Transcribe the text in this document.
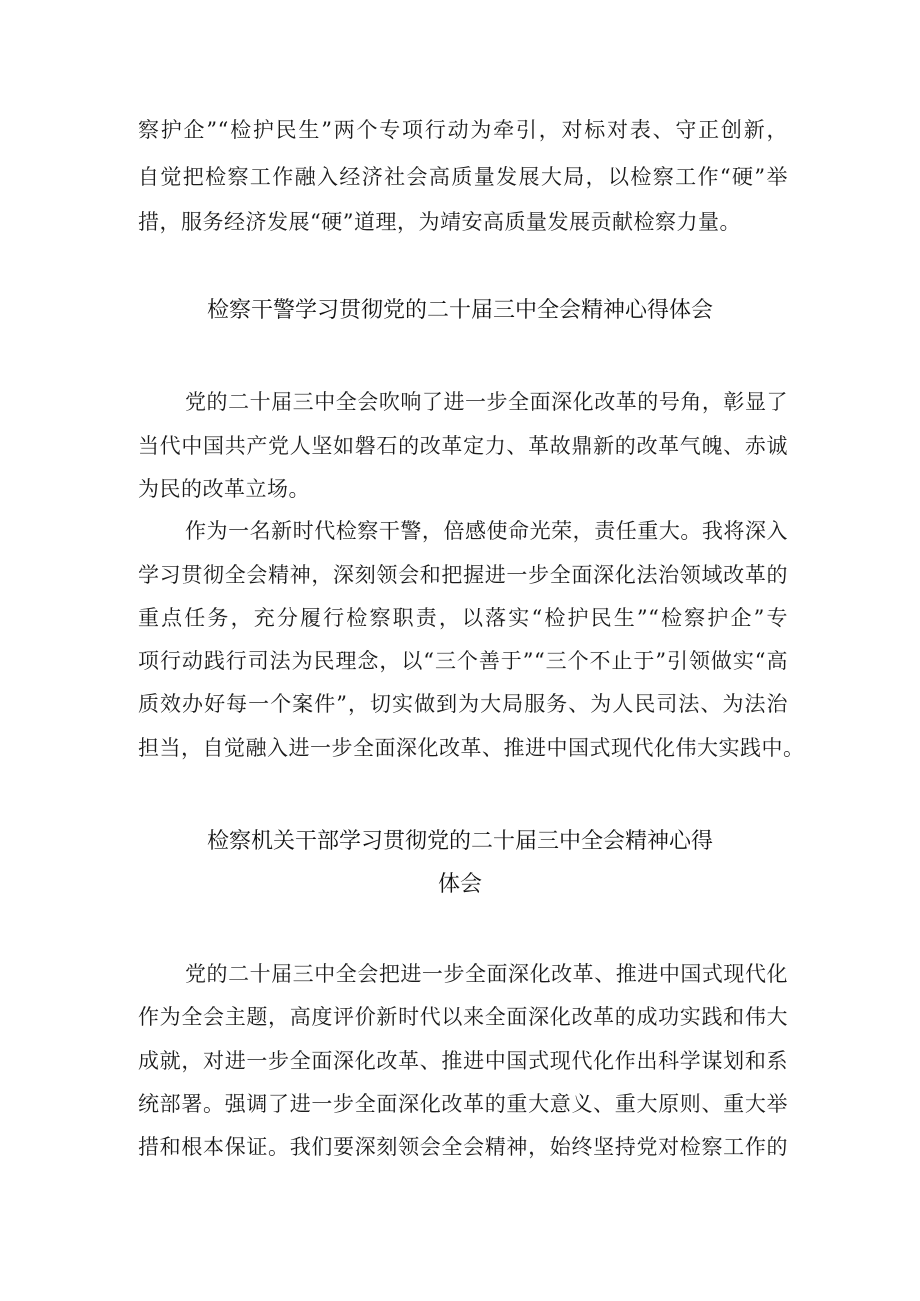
察护企”“检护民生”两个专项行动为牵引，对标对表、守正创新，
自觉把检察工作融入经济社会高质量发展大局，以检察工作“硬”举
措，服务经济发展“硬”道理，为靖安高质量发展贡献检察力量。
检察干警学习贯彻党的二十届三中全会精神心得体会
党的二十届三中全会吹响了进一步全面深化改革的号角，彰显了
当代中国共产党人坚如磐石的改革定力、革故鼎新的改革气魄、赤诚
为民的改革立场。
作为一名新时代检察干警，倍感使命光荣，责任重大。我将深入
学习贯彻全会精神，深刻领会和把握进一步全面深化法治领域改革的
重点任务，充分履行检察职责，以落实“检护民生”“检察护企”专
项行动践行司法为民理念，以“三个善于”“三个不止于”引领做实“高
质效办好每一个案件”，切实做到为大局服务、为人民司法、为法治
担当，自觉融入进一步全面深化改革、推进中国式现代化伟大实践中。
检察机关干部学习贯彻党的二十届三中全会精神心得
体会
党的二十届三中全会把进一步全面深化改革、推进中国式现代化
作为全会主题，高度评价新时代以来全面深化改革的成功实践和伟大
成就，对进一步全面深化改革、推进中国式现代化作出科学谋划和系
统部署。强调了进一步全面深化改革的重大意义、重大原则、重大举
措和根本保证。我们要深刻领会全会精神，始终坚持党对检察工作的
